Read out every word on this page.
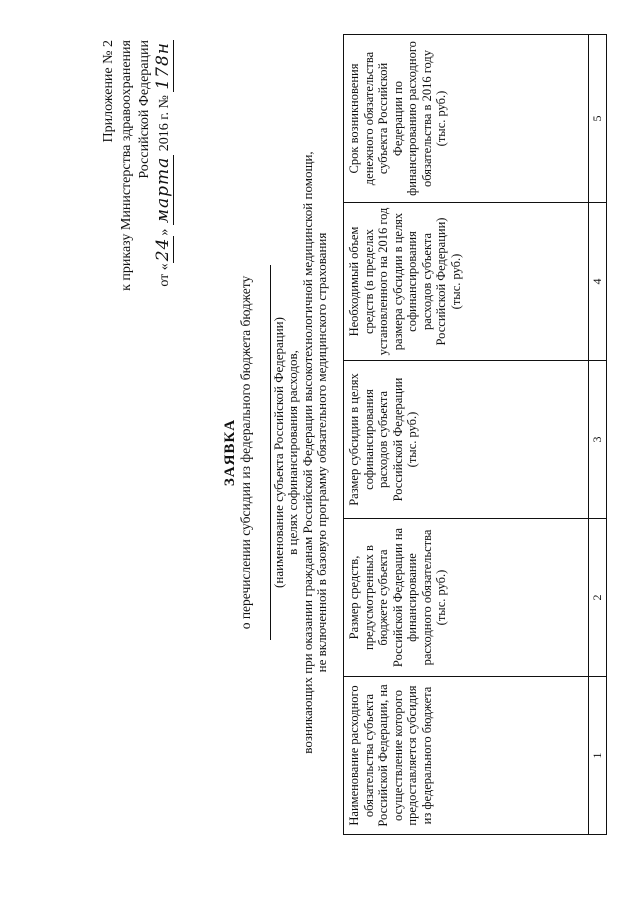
Приложение № 2 к приказу Министерства здравоохранения Российской Федерации
от «24» марта 2016 г. № 178н
ЗАЯВКА о перечислении субсидии из федерального бюджета бюджету (наименование субъекта Российской Федерации) в целях софинансирования расходов, возникающих при оказании гражданам Российской Федерации высокотехнологичной медицинской помощи, не включенной в базовую программу обязательного медицинского страхования
Наименование расходного обязательства субъекта Российской Федерации, на осуществление которого предоставляется субсидия из федерального бюджета	Размер средств, предусмотренных в бюджете субъекта Российской Федерации на финансирование расходного обязательства (тыс. руб.)	Размер субсидии в целях софинансирования расходов субъекта Российской Федерации (тыс. руб.)	Необходимый объем средств (в пределах установленного на 2016 год размера субсидии в целях софинансирования расходов субъекта Российской Федерации) (тыс. руб.)	Срок возникновения денежного обязательства субъекта Российской Федерации по финансированию расходного обязательства в 2016 году (тыс. руб.)
1	2	3	4	5
